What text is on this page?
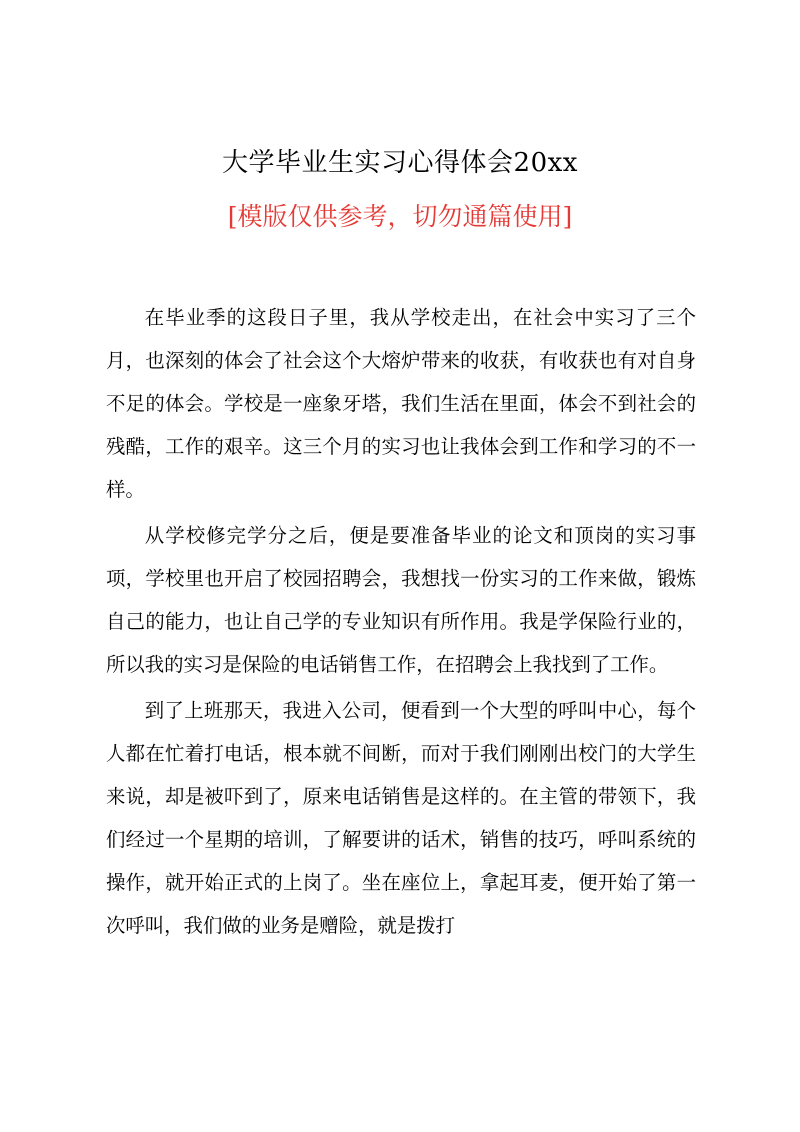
大学毕业生实习心得体会20xx
[模版仅供参考，切勿通篇使用]

在毕业季的这段日子里，我从学校走出，在社会中实习了三个月，也深刻的体会了社会这个大熔炉带来的收获，有收获也有对自身不足的体会。学校是一座象牙塔，我们生活在里面，体会不到社会的残酷，工作的艰辛。这三个月的实习也让我体会到工作和学习的不一样。

从学校修完学分之后，便是要准备毕业的论文和顶岗的实习事项，学校里也开启了校园招聘会，我想找一份实习的工作来做，锻炼自己的能力，也让自己学的专业知识有所作用。我是学保险行业的，所以我的实习是保险的电话销售工作，在招聘会上我找到了工作。

到了上班那天，我进入公司，便看到一个大型的呼叫中心，每个人都在忙着打电话，根本就不间断，而对于我们刚刚出校门的大学生来说，却是被吓到了，原来电话销售是这样的。在主管的带领下，我们经过一个星期的培训，了解要讲的话术，销售的技巧，呼叫系统的操作，就开始正式的上岗了。坐在座位上，拿起耳麦，便开始了第一次呼叫，我们做的业务是赠险，就是拨打
